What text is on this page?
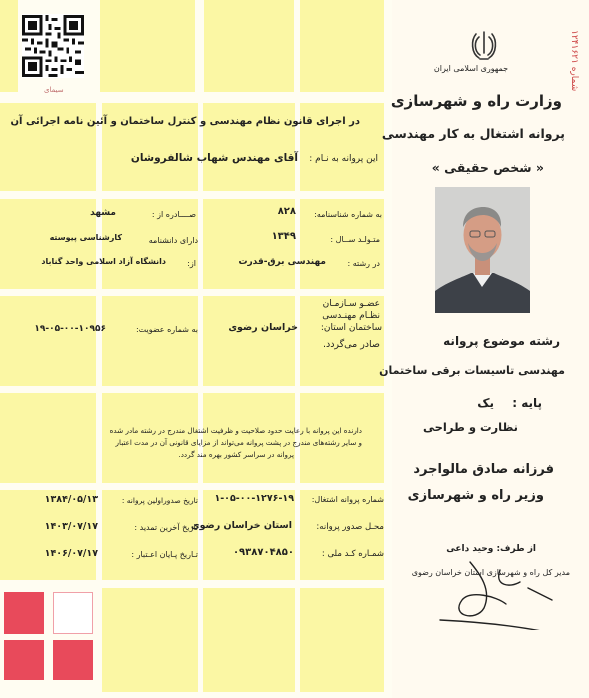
سیمای
جمهوری اسلامی ایران
شماره ۱۲۴۱۶۲۱
وزارت راه و شهرسازی
پروانه اشتغال به کار مهندسی
« شخص حقیقی »
رشته موضوع پروانه
مهندسی تاسیسات برقی ساختمان
پایه :
یک
نظارت و طراحی
فرزانه صادق مالواجرد
وزیر راه و شهرسازی
از طرف: وحید داعی
مدیر کل راه و شهرسازی استان خراسان رضوی
در اجرای قانون نظام مهندسی و کنترل ساختمان و آئین نامه اجرائی آن
این پروانه به نـام :
آقای مهندس شهاب شالفروشان
به شماره شناسنامه:
۸۲۸
صــــادره از :
مشهد
متـولـد ســال :
۱۳۴۹
دارای دانشنامه
کارشناسی پیوسته
در رشته :
مهندسی برق-قدرت
از:
دانشگاه آزاد اسلامی واحد گناباد
عضـو سـازمـان
نظـام مهنـدسی
ساختمان استان:
خراسان رضوی
صادر می‌گردد.
به شماره عضویت:
۱۹-۰۵-۰۰-۱۰۹۵۶
دارنده این پروانه با رعایت حدود صلاحیت و ظرفیت اشتغال مندرج در رشته مادر شده
و سایر رشته‌های مندرج در پشت پروانه می‌تواند از مزایای قانونی آن در مدت اعتبار
پروانه در سراسر کشور بهره مند گردد.
شماره پروانه اشتغال:
۱-۰۵-۰۰-۱۲۷۶-۱۹
تاریخ صدوراولین پروانه :
۱۳۸۴/۰۵/۱۳
محـل صدور پروانه:
استان خراسان رضوی
تاریخ آخرین تمدید :
۱۴۰۳/۰۷/۱۷
شمـاره کـد ملی :
۰۹۳۸۷۰۴۸۵۰
تـاریخ پـایان اعـتبار :
۱۴۰۶/۰۷/۱۷
